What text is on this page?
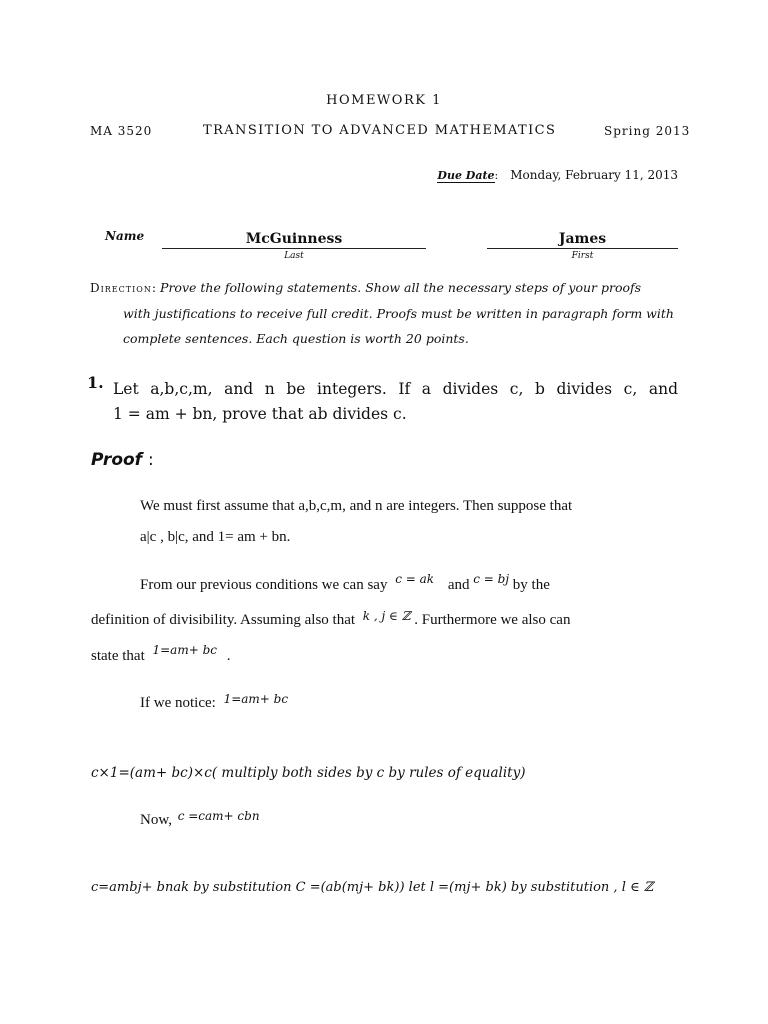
HOMEWORK 1
MA 3520	TRANSITION TO ADVANCED MATHEMATICS	Spring 2013
Due Date: Monday, February 11, 2013
Name	McGuinness	James
Last	First
Direction: Prove the following statements. Show all the necessary steps of your proofs
with justifications to receive full credit. Proofs must be written in paragraph form with
complete sentences. Each question is worth 20 points.
1. Let a,b,c,m, and n be integers. If a divides c, b divides c, and
1 = am + bn, prove that ab divides c.
Proof :
We must first assume that a,b,c,m, and n are integers. Then suppose that
a|c , b|c, and 1= am + bn.
From our previous conditions we can say $^{c = ak}$ and $^{c = bj}$ by the
definition of divisibility. Assuming also that $^{k , j \in ℤ}$ . Furthermore we also can
state that $^{1=am+ bc}$ .
If we notice: $^{1=am+ bc}$
c×1=(am+ bc)×c( multiply both sides by c by rules of equality)
Now, $^{c =cam+ cbn}$
c=ambj+ bnak by substitution C =(ab(mj+ bk)) let l =(mj+ bk) by substitution , l ∈ ℤ
